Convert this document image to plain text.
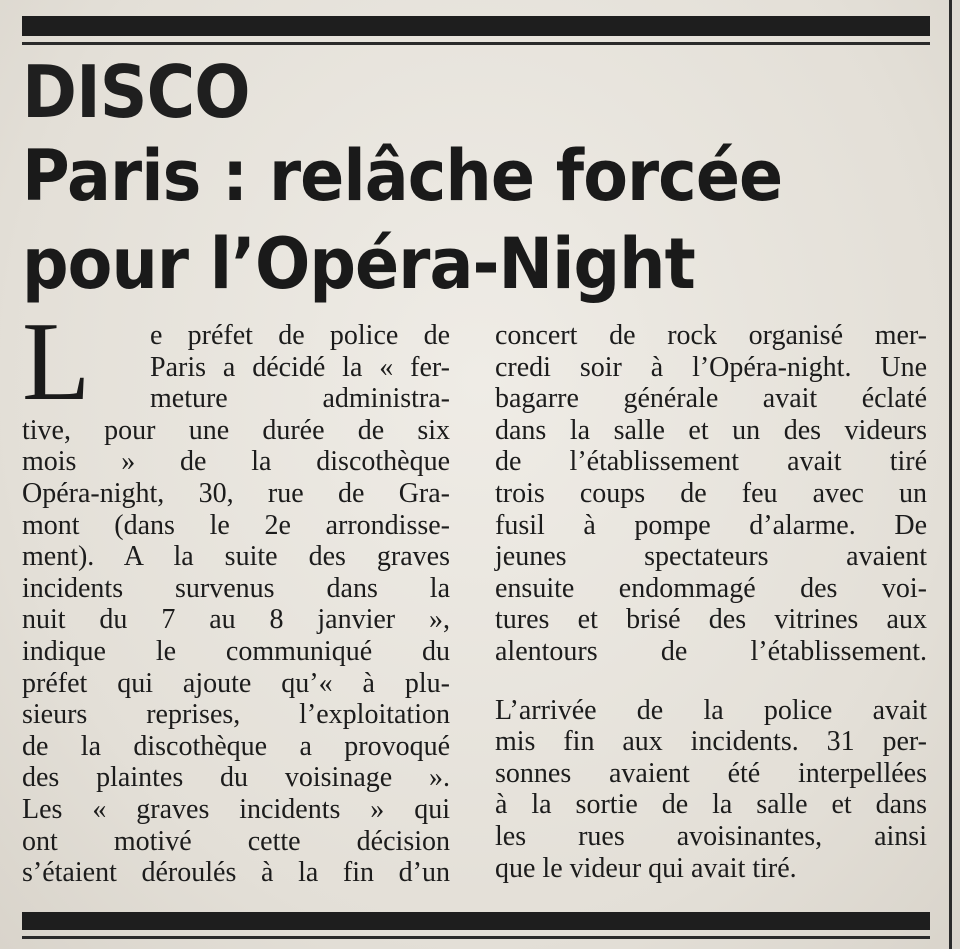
DISCO
Paris : relâche forcée
pour l’Opéra-Night
L	e préfet de police de
Paris a décidé la « fer-
meture administra-
tive, pour une durée de six
mois » de la discothèque
Opéra-night, 30, rue de Gra-
mont (dans le 2e arrondisse-
ment). A la suite des graves
incidents survenus dans la
nuit du 7 au 8 janvier »,
indique le communiqué du
préfet qui ajoute qu’« à plu-
sieurs reprises, l’exploitation
de la discothèque a provoqué
des plaintes du voisinage ».
Les « graves incidents » qui
ont motivé cette décision
s’étaient déroulés à la fin d’un
concert de rock organisé mer-
credi soir à l’Opéra-night. Une
bagarre générale avait éclaté
dans la salle et un des videurs
de l’établissement avait tiré
trois coups de feu avec un
fusil à pompe d’alarme. De
jeunes spectateurs avaient
ensuite endommagé des voi-
tures et brisé des vitrines aux
alentours de l’établissement.
L’arrivée de la police avait
mis fin aux incidents. 31 per-
sonnes avaient été interpellées
à la sortie de la salle et dans
les rues avoisinantes, ainsi
que le videur qui avait tiré.
